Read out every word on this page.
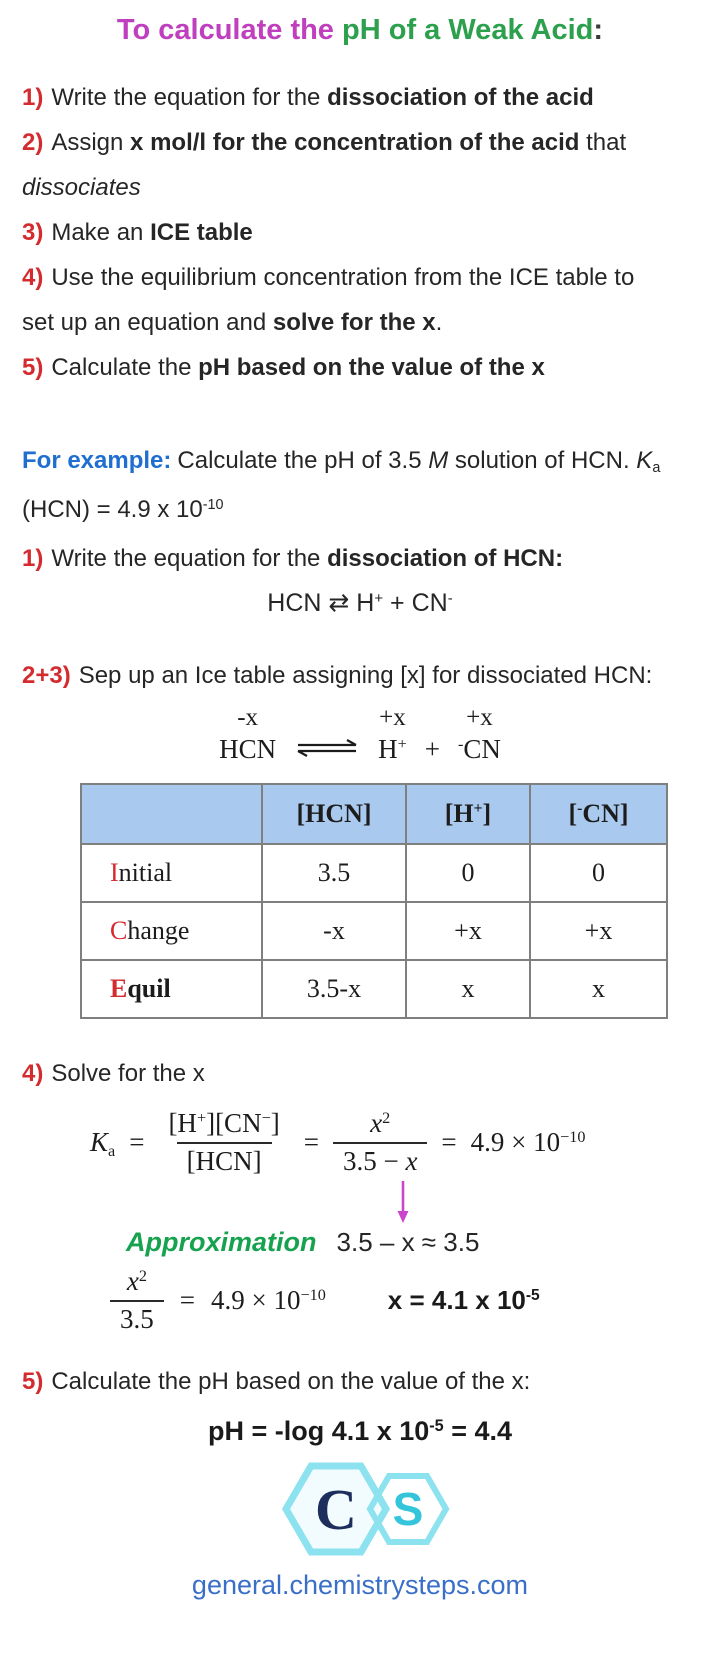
To calculate the pH of a Weak Acid:
1) Write the equation for the dissociation of the acid
2) Assign x mol/l for the concentration of the acid that
dissociates
3) Make an ICE table
4) Use the equilibrium concentration from the ICE table to
set up an equation and solve for the x.
5) Calculate the pH based on the value of the x
For example: Calculate the pH of 3.5 M solution of HCN. $K_a$
(HCN) = 4.9 x $10^{-10}$
1) Write the equation for the dissociation of HCN:
HCN ⇄ H+ + CN-
2+3) Sep up an Ice table assigning [x] for dissociated HCN:
-x	+x	+x
HCN ⇌ H+ + -CN
	[HCN]	[H+]	[-CN]
Initial	3.5	0	0
Change	-x	+x	+x
Equil	3.5-x	x	x
4) Solve for the x
$K_a = \frac{[H^+][CN^-]}{\text{[HCN]}} = \frac{x^2}{3.5 - x} = 4.9 \times 10^{-10}$
Approximation 3.5 – x ≈ 3.5
$\frac{x^2}{3.5} = 4.9 \times 10^{-10}$ x = 4.1 x $10^{-5}$
5) Calculate the pH based on the value of the x:
pH = -log 4.1 x $10^{-5} = 4.4$
C S
general.chemistrysteps.com
